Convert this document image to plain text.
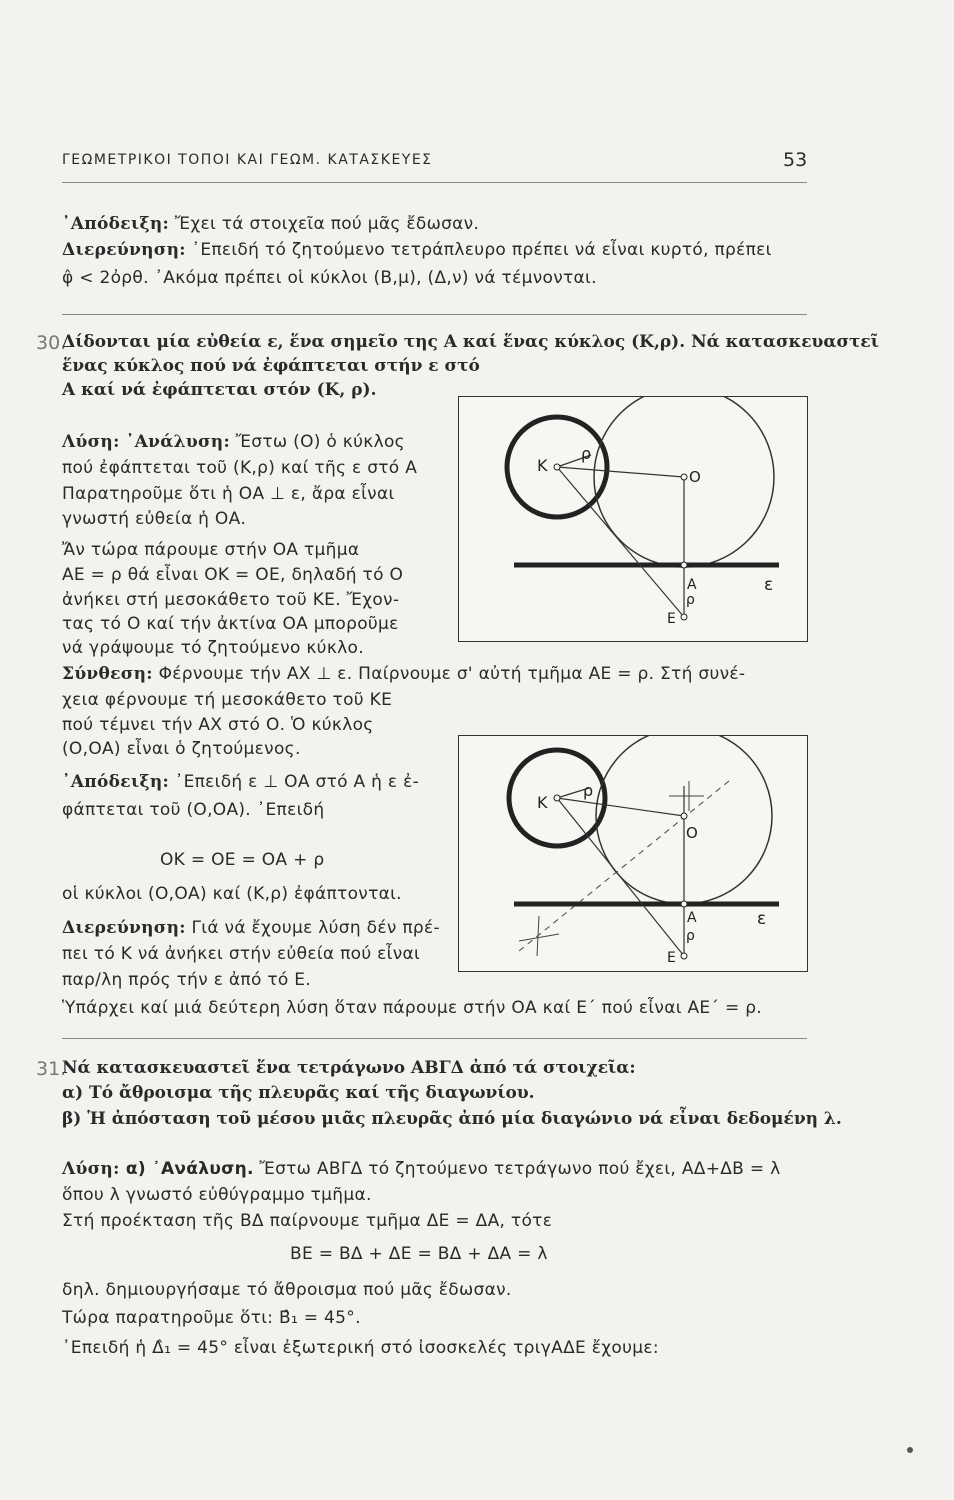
ΓΕΩΜΕΤΡΙΚΟΙ ΤΟΠΟΙ ΚΑΙ ΓΕΩΜ. ΚΑΤΑΣΚΕΥΕΣ	53
᾿Απόδειξη: Ἔχει τά στοιχεῖα πού μᾶς ἔδωσαν.
Διερεύνηση: ᾿Επειδή τό ζητούμενο τετράπλευρο πρέπει νά εἶναι κυρτό, πρέπει
φ̂ < 2ὀρθ. ᾿Ακόμα πρέπει οἱ κύκλοι (Β,μ), (Δ,ν) νά τέμνονται.
30.
Δίδονται μία εὐθεία ε, ἕνα σημεῖο της Α καί ἕνας κύκλος (Κ,ρ). Νά κατασκευαστεῖ
ἕνας κύκλος πού νά ἐφάπτεται στήν ε στό
Α καί νά ἐφάπτεται στόν (Κ, ρ).
Λύση: ᾿Ανάλυση: Ἔστω (Ο) ὁ κύκλος
πού ἐφάπτεται τοῦ (Κ,ρ) καί τῆς ε στό Α
Παρατηροῦμε ὅτι ἡ ΟΑ ⊥ ε, ἄρα εἶναι
γνωστή εὐθεία ἡ ΟΑ.
Ἄν τώρα πάρουμε στήν ΟΑ τμῆμα
ΑΕ = ρ θά εἶναι ΟΚ = ΟΕ, δηλαδή τό Ο
ἀνήκει στή μεσοκάθετο τοῦ ΚΕ. Ἔχον-
τας τό Ο καί τήν ἀκτίνα ΟΑ μποροῦμε
νά γράψουμε τό ζητούμενο κύκλο.
Σύνθεση: Φέρνουμε τήν ΑΧ ⊥ ε. Παίρνουμε σ' αὐτή τμῆμα ΑΕ = ρ. Στή συνέ-
χεια φέρνουμε τή μεσοκάθετο τοῦ ΚΕ
πού τέμνει τήν ΑΧ στό Ο. Ὁ κύκλος
(Ο,ΟΑ) εἶναι ὁ ζητούμενος.
᾿Απόδειξη: ᾿Επειδή ε ⊥ ΟΑ στό Α ἡ ε ἐ-
φάπτεται τοῦ (Ο,ΟΑ). ᾿Επειδή
ΟΚ = ΟΕ = ΟΑ + ρ
οἱ κύκλοι (Ο,ΟΑ) καί (Κ,ρ) ἐφάπτονται.
Διερεύνηση: Γιά νά ἔχουμε λύση δέν πρέ-
πει τό Κ νά ἀνήκει στήν εὐθεία πού εἶναι
παρ/λη πρός τήν ε ἀπό τό Ε.
Ὑπάρχει καί μιά δεύτερη λύση ὅταν πάρουμε στήν ΟΑ καί Ε΄ πού εἶναι ΑΕ΄ = ρ.
Κ
ρ
Ο
Α	ε
ρ
Ε
Κ
ρ
Ο
Α	ε
ρ
Ε
31.
Νά κατασκευαστεῖ ἕνα τετράγωνο ΑΒΓΔ ἀπό τά στοιχεῖα:
α) Τό ἄθροισμα τῆς πλευρᾶς καί τῆς διαγωνίου.
β) Ἡ ἀπόσταση τοῦ μέσου μιᾶς πλευρᾶς ἀπό μία διαγώνιο νά εἶναι δεδομένη λ.
Λύση: α) ᾿Ανάλυση. Ἔστω ΑΒΓΔ τό ζητούμενο τετράγωνο πού ἔχει, ΑΔ+ΔΒ = λ
ὅπου λ γνωστό εὐθύγραμμο τμῆμα.
Στή προέκταση τῆς ΒΔ παίρνουμε τμῆμα ΔΕ = ΔΑ, τότε
ΒΕ = ΒΔ + ΔΕ = ΒΔ + ΔΑ = λ
δηλ. δημιουργήσαμε τό ἄθροισμα πού μᾶς ἔδωσαν.
Τώρα παρατηροῦμε ὅτι: Β̂₁ = 45°.
᾿Επειδή ἡ Δ̂₁ = 45° εἶναι ἐξωτερική στό ἰσοσκελές τριγΑΔΕ ἔχουμε:
